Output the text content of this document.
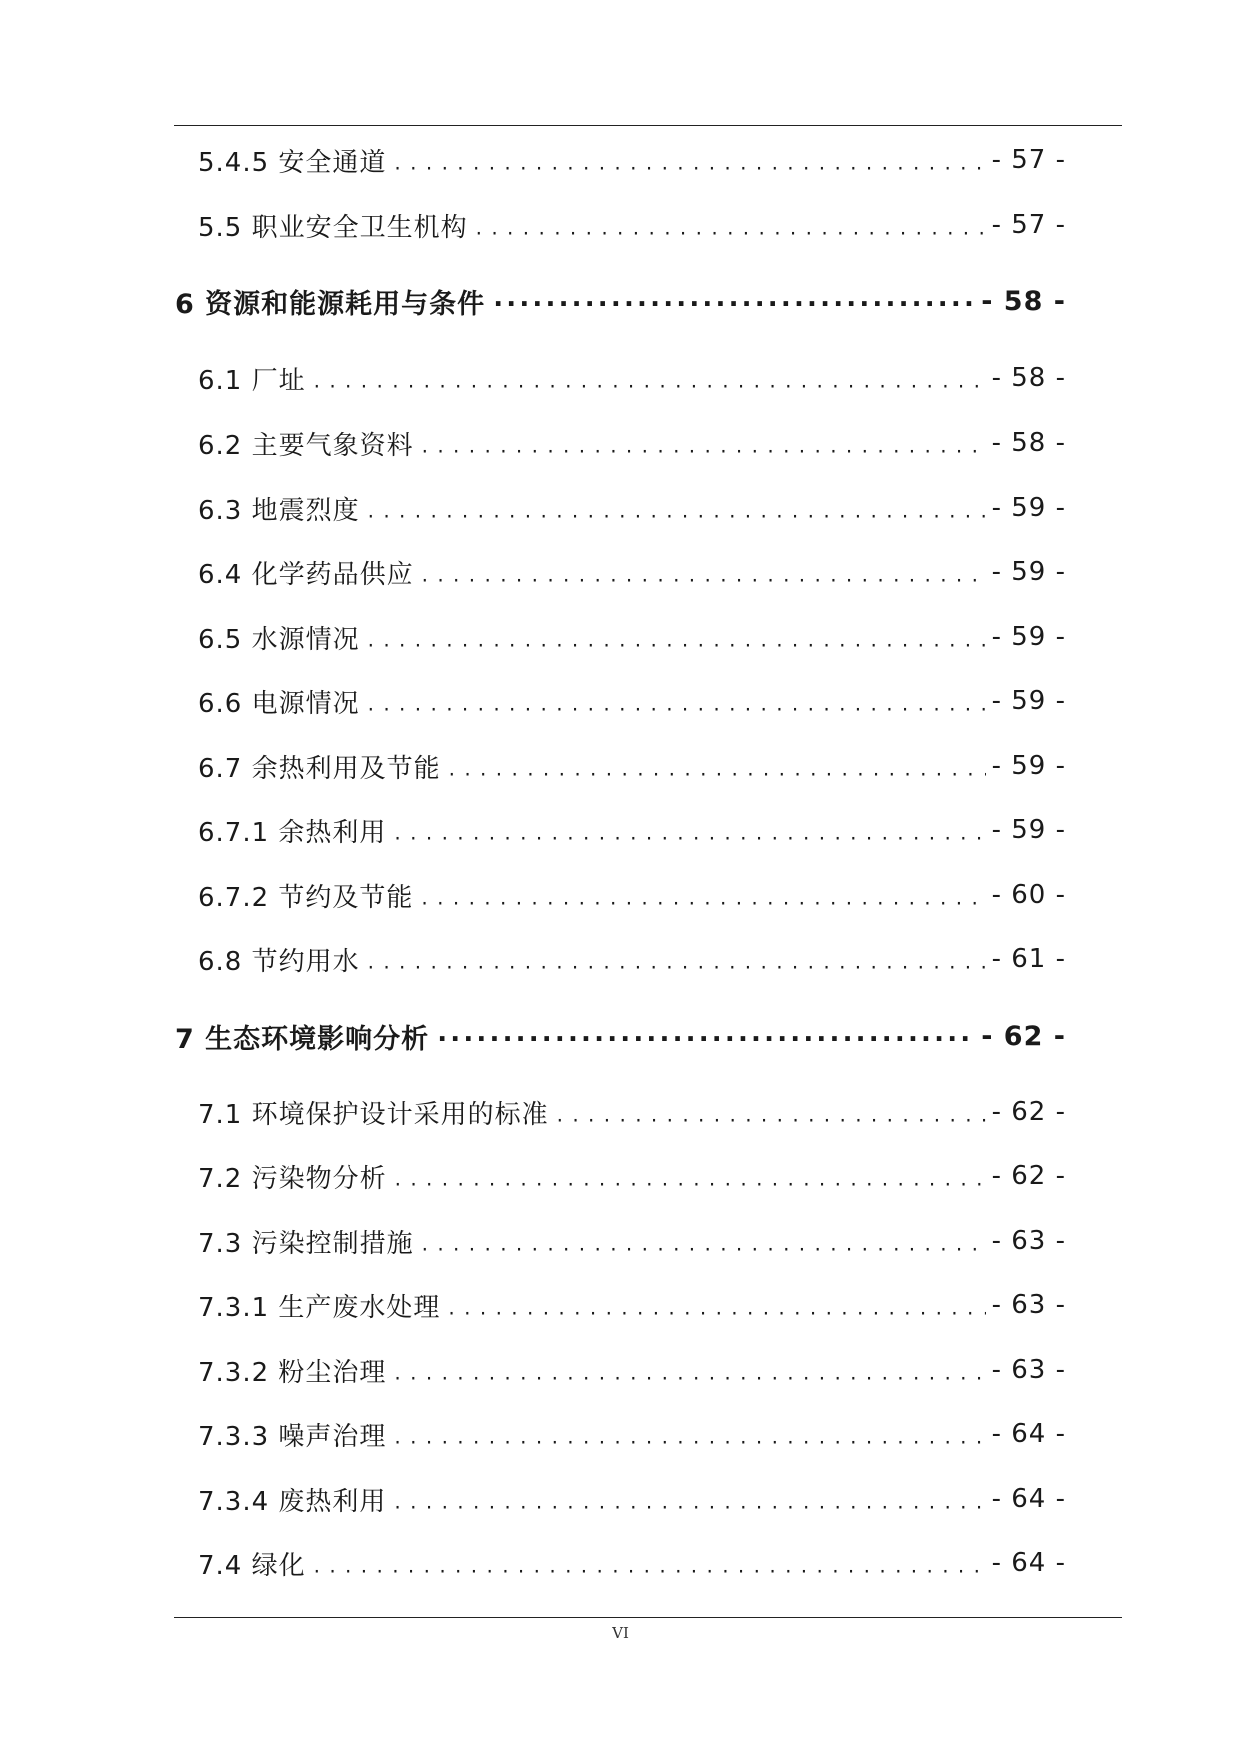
5.4.5 安全通道 . . .	- 57 -
5.5 职业安全卫生机构 . . .	- 57 -
6 资源和能源耗用与条件 .....	- 58 -
6.1 厂址 . . .	- 58 -
6.2 主要气象资料 . . .	- 58 -
6.3 地震烈度 . . .	- 59 -
6.4 化学药品供应 . . .	- 59 -
6.5 水源情况 . . .	- 59 -
6.6 电源情况 . . .	- 59 -
6.7 余热利用及节能 . . .	- 59 -
6.7.1 余热利用 . . .	- 59 -
6.7.2 节约及节能 . . .	- 60 -
6.8 节约用水 . . .	- 61 -
7 生态环境影响分析 .....	- 62 -
7.1 环境保护设计采用的标准 . . .	- 62 -
7.2 污染物分析 . . .	- 62 -
7.3 污染控制措施 . . .	- 63 -
7.3.1 生产废水处理 . . .	- 63 -
7.3.2 粉尘治理 . . .	- 63 -
7.3.3 噪声治理 . . .	- 64 -
7.3.4 废热利用 . . .	- 64 -
7.4 绿化 . . .	- 64 -
VI
